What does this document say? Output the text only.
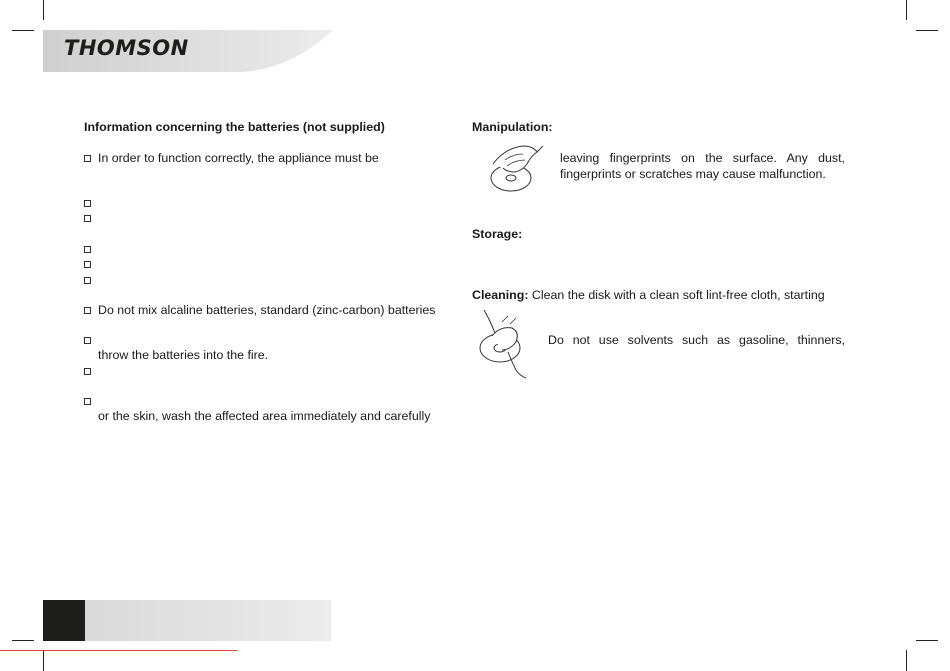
THOMSON
Information concerning the batteries (not supplied)
In order to function correctly, the appliance must be
Do not mix alcaline batteries, standard (zinc-carbon) batteries
throw the batteries into the fire.
or the skin, wash the affected area immediately and carefully
Manipulation:
leaving fingerprints on the surface. Any dust,
fingerprints or scratches may cause malfunction.
Storage:
Cleaning: Clean the disk with a clean soft lint-free cloth, starting
Do not use solvents such as gasoline, thinners,
